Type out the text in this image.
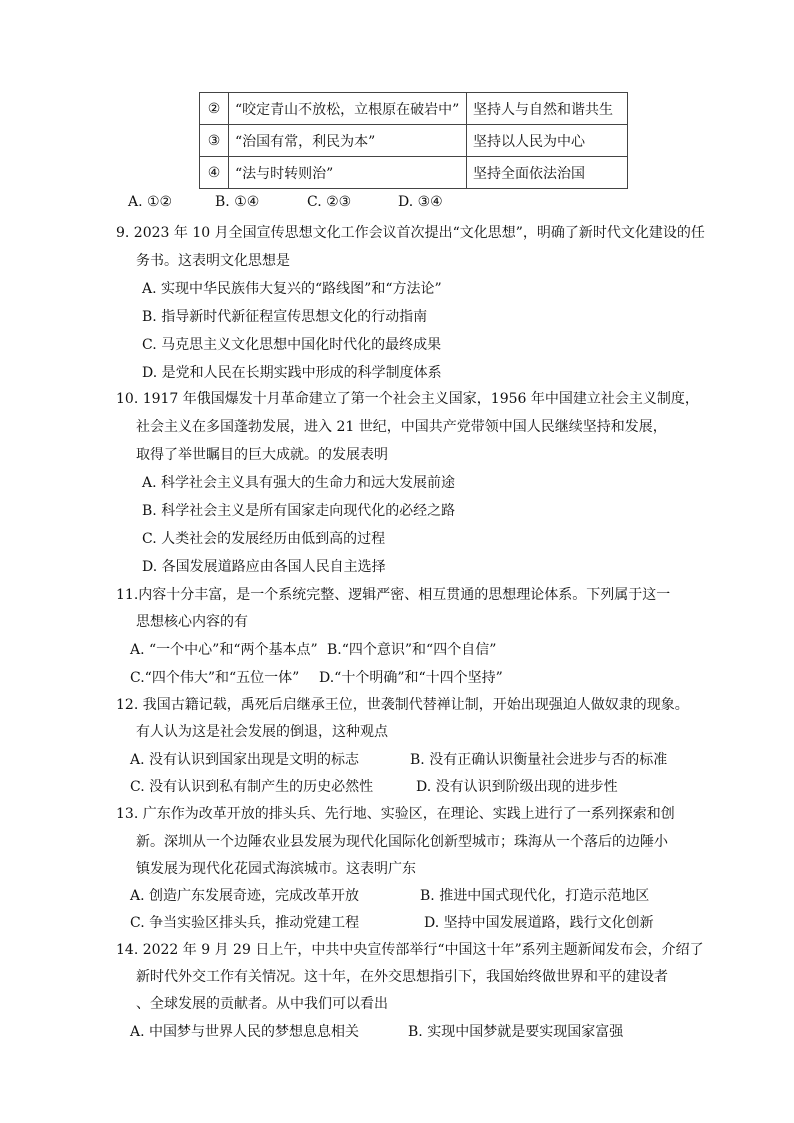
②	“咬定青山不放松，立根原在破岩中”	坚持人与自然和谐共生
③	“治国有常，利民为本”	坚持以人民为中心
④	“法与时转则治”	坚持全面依法治国
A. ①②	B. ①④	C. ②③	D. ③④
9. 2023 年 10 月全国宣传思想文化工作会议首次提出“文化思想”，明确了新时代文化建设的任
务书。这表明文化思想是
A. 实现中华民族伟大复兴的“路线图”和“方法论”
B. 指导新时代新征程宣传思想文化的行动指南
C. 马克思主义文化思想中国化时代化的最终成果
D. 是党和人民在长期实践中形成的科学制度体系
10. 1917 年俄国爆发十月革命建立了第一个社会主义国家，1956 年中国建立社会主义制度，
社会主义在多国蓬勃发展，进入 21 世纪，中国共产党带领中国人民继续坚持和发展，
取得了举世瞩目的巨大成就。的发展表明
A. 科学社会主义具有强大的生命力和远大发展前途
B. 科学社会主义是所有国家走向现代化的必经之路
C. 人类社会的发展经历由低到高的过程
D. 各国发展道路应由各国人民自主选择
11.内容十分丰富，是一个系统完整、逻辑严密、相互贯通的思想理论体系。下列属于这一
思想核心内容的有
A. “一个中心”和“两个基本点” B.“四个意识”和“四个自信”
C.“四个伟大”和“五位一体” D.“十个明确”和“十四个坚持”
12. 我国古籍记载，禹死后启继承王位，世袭制代替禅让制，开始出现强迫人做奴隶的现象。
有人认为这是社会发展的倒退，这种观点
A. 没有认识到国家出现是文明的标志	B. 没有正确认识衡量社会进步与否的标准
C. 没有认识到私有制产生的历史必然性	D. 没有认识到阶级出现的进步性
13. 广东作为改革开放的排头兵、先行地、实验区，在理论、实践上进行了一系列探索和创
新。深圳从一个边陲农业县发展为现代化国际化创新型城市；珠海从一个落后的边陲小
镇发展为现代化花园式海滨城市。这表明广东
A. 创造广东发展奇迹，完成改革开放	B. 推进中国式现代化，打造示范地区
C. 争当实验区排头兵，推动党建工程	D. 坚持中国发展道路，践行文化创新
14. 2022 年 9 月 29 日上午，中共中央宣传部举行“中国这十年”系列主题新闻发布会，介绍了
新时代外交工作有关情况。这十年，在外交思想指引下，我国始终做世界和平的建设者
、全球发展的贡献者。从中我们可以看出
A. 中国梦与世界人民的梦想息息相关	B. 实现中国梦就是要实现国家富强
